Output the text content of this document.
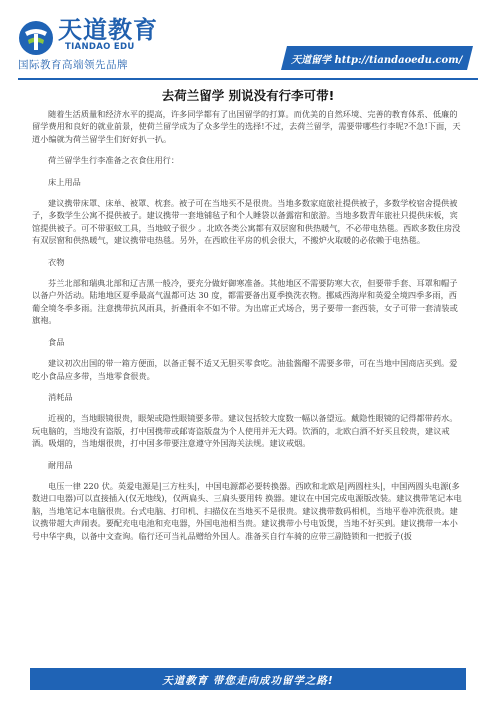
天道教育
TIANDAO EDU
国际教育高端领先品牌	天道留学 http://tiandaoedu.com/
去荷兰留学 别说没有行李可带!

随着生活质量和经济水平的提高，许多同学都有了出国留学的打算。而优美的自然环境、完善的教育体系、低廉的留学费用和良好的就业前景，使荷兰留学成为了众多学生的选择!不过，去荷兰留学，需要带哪些行李呢?不急!下面，天道小编就为荷兰留学生们好好扒一扒。

荷兰留学生行李准备之衣食住用行：

床上用品

建议携带床罩、床单、被罩、枕套。被子可在当地买不是很贵。当地多数家庭旅社提供被子，多数学校宿舍提供被子，多数学生公寓不提供被子。建议携带一套地铺毡子和个人睡袋以备露宿和旅游。当地多数青年旅社只提供床板，宾馆提供被子。可不带驱蚊工具，当地蚊子很少 。北欧各类公寓都有双层窗和供热暖气，不必带电热毯。西欧多数住房没有双层窗和供热暖气，建议携带电热毯。另外，在西欧住平房的机会很大，不搬炉火取暖的必依赖于电热毯。

衣物

芬兰北部和瑞典北部和辽吉黑一般冷，要充分做好御寒准备。其他地区不需要防寒大衣，但要带手套、耳罩和帽子以备户外活动。陆地地区夏季最高气温都可达 30 度，都需要备出夏季换洗衣物。挪威西海岸和英爱全境四季多雨，西葡全境冬季多雨。注意携带抗风雨具，折叠雨伞不如不带。为出席正式场合，男子要带一套西装，女子可带一套清装或旗袍。

食品

建议初次出国的带一箱方便面，以备正餐不适又无胆买零食吃。油盐酱醋不需要多带，可在当地中国商店买到。爱吃小食品应多带，当地零食很贵。

消耗品

近视的，当地眼镜很贵，眼架或隐性眼镜要多带。建议包括较大度数一幅以备望远。戴隐性眼镜的记得都带药水。玩电脑的，当地没有盗版，打中国携带或邮寄盗版盘为个人使用并无大碍。饮酒的，北欧白酒不好买且较贵，建议戒酒。吸烟的，当地烟很贵，打中国多带要注意遵守外国海关法规。建议戒烟。

耐用品

电压一律 220 伏。英爱电源是|三方柱头|，中国电源都必要转换器。西欧和北欧是|两圆柱头|，中国两圆头电源(多数进口电器)可以直接插入(仅无地线)，仅两扁头、三扁头要用转 换器。建议在中国完成电源版改装。建议携带笔记本电脑，当地笔记本电脑很贵。台式电脑、打印机、扫描仪在当地买不是很贵。建议携带数码相机，当地平卷冲洗很贵。建议携带超大声闹表。要配充电电池和充电器，外国电池相当贵。建议携带小号电饭煲，当地不好买到。建议携带一本小号中华字典，以备中文查询。临行还可当礼品赠给外国人。准备买自行车骑的应带三副链锁和一把扳子(扳

天道教育 带您走向成功留学之路!
